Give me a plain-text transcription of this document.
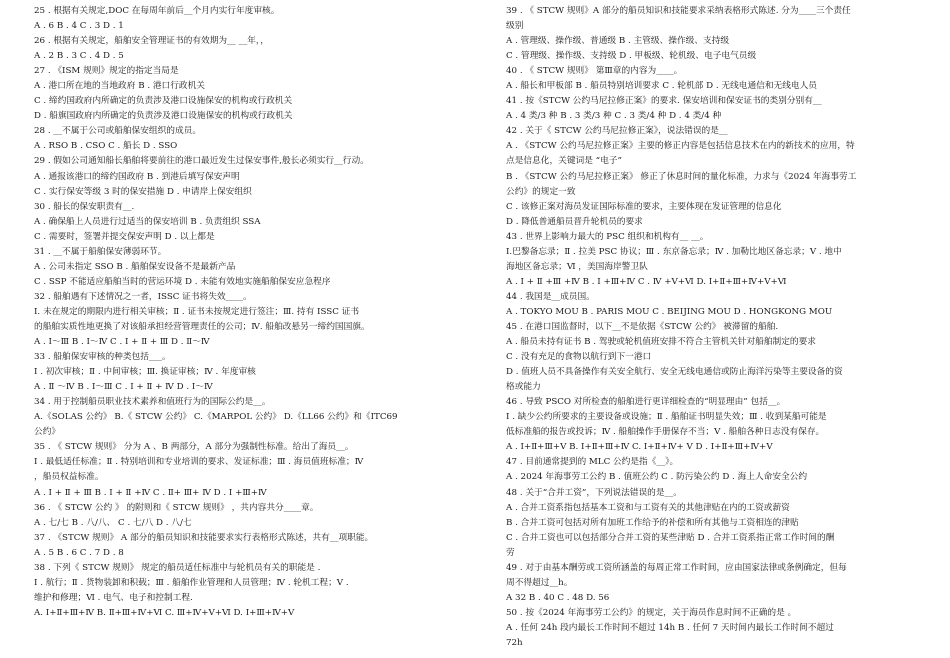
25 . 根据有关规定,DOC 在每周年前后__个月内实行年度审核。
A . 6 B . 4 C . 3 D . 1
26 . 根据有关规定，船舶安全管理证书的有效期为__ __年，，
A . 2 B . 3 C . 4 D . 5
27 . 《ISM 规则》规定的指定当局是
A . 港口所在地的当地政府 B . 港口行政机关
C . 缔约国政府内所确定的负责涉及港口设施保安的机构或行政机关
D . 船旗国政府内所确定的负责涉及港口设施保安的机构或行政机关
28 . __不属于公司或船舶保安组织的成员。
A . RSO B . CSO C . 船长 D . SSO
29 . 假如公司通知船长船舶将要前往的港口最近发生过保安事件,般长必须实行__行动。
A . 通报该港口的缔约国政府 B . 到港后填写保安声明
C . 实行保安等级 3 时的保安措施 D . 申请岸上保安组织
30 . 船长的保安职责有__.
A . 确保船上人员进行过适当的保安培训 B . 负责组织 SSA
C . 需要时，签署并提交保安声明 D . 以上都是
31 . __不属于船舶保安薄弱环节。
A . 公司未指定 SSO B . 船舶保安设备不是最新产品
C . SSP 不能适应船舶当时的营运环境 D . 未能有效地实施船舶保安应急程序
32 . 船舶遇有下述情况之一者，ISSC 证书将失效____。
Ⅰ. 未在规定的期限内进行相关审核；Ⅱ . 证书未按规定进行签注；Ⅲ. 持有 ISSC 证书
的船舶实质性地更换了对该船承担经营管理责任的公司；Ⅳ. 船舶改悬另一缔约国国旗。
A . Ⅰ～Ⅲ B . Ⅰ～Ⅳ C . Ⅰ + Ⅱ + Ⅲ D . Ⅱ～Ⅳ
33 . 船舶保安审核的种类包括___。
Ⅰ . 初次审核；Ⅱ . 中间审核；Ⅲ. 换证审核；Ⅳ . 年度审核
A . Ⅱ ～Ⅳ B . Ⅰ～Ⅲ C . Ⅰ + Ⅱ + Ⅳ D . Ⅰ～Ⅳ
34 . 用于控制船员职业技术素养和值班行为的国际公约是__。
A.《SOLAS 公约》 B.《 STCW 公约》 C.《MARPOL 公约》 D.《LL66 公约》和《ITC69
公约》
35 . 《 STCW 规则》 分为 A 、B 两部分，A 部分为强制性标准。给出了海员__。
Ⅰ . 最低适任标准；Ⅱ . 特别培训和专业培训的要求、发证标准；Ⅲ . 海员值班标准；Ⅳ
，船员权益标准。
A . Ⅰ + Ⅱ + Ⅲ B . Ⅰ + Ⅱ +Ⅳ C . Ⅱ+ Ⅲ+ Ⅳ D . Ⅰ +Ⅲ+Ⅳ
36 . 《 STCW 公约 》 的附则和《 STCW 规则》 ，共内容共分____章。
A . 七/七 B . 八/八、 C . 七/八 D . 八/七
37 . 《STCW 规则》 A 部分的船员知识和技能要求实行表格形式陈述，共有__项职能。
A . 5 B . 6 C . 7 D . 8
38 . 下列《 STCW 规则》 规定的船员适任标准中与轮机员有关的职能是 .
Ⅰ . 航行；Ⅱ . 货物装卸和积载；Ⅲ . 船舶作业管理和人员管理；Ⅳ . 轮机工程；Ⅴ .
维护和修理；Ⅵ . 电气、电子和控制工程.
A. Ⅰ+Ⅱ+Ⅲ+Ⅳ B. Ⅱ+Ⅲ+Ⅳ+Ⅵ C. Ⅲ+Ⅳ+Ⅴ+Ⅵ D. Ⅰ+Ⅲ+Ⅳ+Ⅴ
39 . 《 STCW 规则》A 部分的船员知识和技能要求采纳表格形式陈述. 分为____三个责任
级别
A . 管理级、操作级、普通级 B . 主管级、操作级、支持级
C . 管理级、操作级、支持级 D . 甲板级、轮机级、电子电气员级
40 . 《 STCW 规则》 第Ⅲ章的内容为____。
A . 船长和甲板部 B . 船员特别培训要求 C . 轮机部 D . 无线电通信和无线电人员
41 . 按《STCW 公约马尼拉修正案》的要求. 保安培训和保安证书的类别分别有__
A . 4 类/3 种 B . 3 类/3 种 C . 3 类/4 种 D . 4 类/4 种
42 . 关于《 STCW 公约马尼拉修正案》，说法错误的是__
A . 《STCW 公约马尼拉修正案》主要的修正内容是包括信息技术在内的新技术的应用，特
点是信息化，关键词是 “电子”
B . 《STCW 公约马尼拉修正案》 修正了休息时间的量化标准，力求与《2024 年海事劳工
公约》的规定一致
C . 该修正案对海员发证国际标准的要求，主要体现在发证管理的信息化
D . 降低普通船员晋升轮机员的要求
43 . 世界上影响力最大的 PSC 组织和机构有__ __。
Ⅰ.巴黎备忘录；Ⅱ . 拉美 PSC 协议；Ⅲ . 东京备忘录；Ⅳ . 加勒比地区备忘录；Ⅴ . 地中
海地区备忘录；Ⅵ ，美国海岸警卫队
A . Ⅰ + Ⅱ +Ⅲ +Ⅳ B . Ⅰ +Ⅲ+Ⅳ C . Ⅳ +Ⅴ+Ⅵ D. Ⅰ+Ⅱ+Ⅲ+Ⅳ+Ⅴ+Ⅵ
44 . 我国是__成员国。
A . TOKYO MOU B . PARIS MOU C . BEIJING MOU D . HONGKONG MOU
45 . 在港口国监督时，以下__不是依据《STCW 公约》 被滞留的船舶.
A . 船员未持有证书 B . 驾驶或轮机值班安排不符合主管机关针对船舶制定的要求
C . 没有充足的食物以航行到下一港口
D . 值班人员不具备操作有关安全航行、安全无线电通信或防止海洋污染等主要设备的资
格或能力
46 . 导致 PSCO 对所检查的船舶进行更详细检查的“明显理由” 包括__。
Ⅰ . 缺少公约所要求的主要设备或设施；Ⅱ . 船舶证书明显失效；Ⅲ . 收到某船可能是
低标准船的报告或投诉；Ⅳ . 船舶操作手册保存不当；Ⅴ . 船舶各种日志没有保存。
A . Ⅰ+Ⅱ+Ⅲ+Ⅴ B. Ⅰ+Ⅱ+Ⅲ+Ⅳ C. Ⅰ+Ⅱ+Ⅳ+ Ⅴ D . Ⅰ+Ⅱ+Ⅲ+Ⅳ+Ⅴ
47 . 目前通常提到的 MLC 公约是指《__》。
A . 2024 年海事劳工公约 B . 值班公约 C . 防污染公约 D . 海上人命安全公约
48 . 关于“合并工资”，下列说法错误的是__。
A . 合并工资系指包括基本工资和与工资有关的其他津贴在内的工资或薪资
B . 合并工资可包括对所有加班工作给予的补偿和所有其他与工资相连的津贴
C . 合并工资也可以包括部分合并工资的某些津贴 D . 合并工资系指正常工作时间的酬
劳
49 . 对于由基本酬劳或工资所涵盖的每周正常工作时间，应由国家法律或条例确定，但每
周不得超过__h。
A 32 B . 40 C . 48 D. 56
50 . 按《2024 年海事劳工公约》的规定，关于海员作息时间不正确的是 。
A . 任何 24h 段内最长工作时间不超过 14h B . 任何 7 天时间内最长工作时间不超过
72h
